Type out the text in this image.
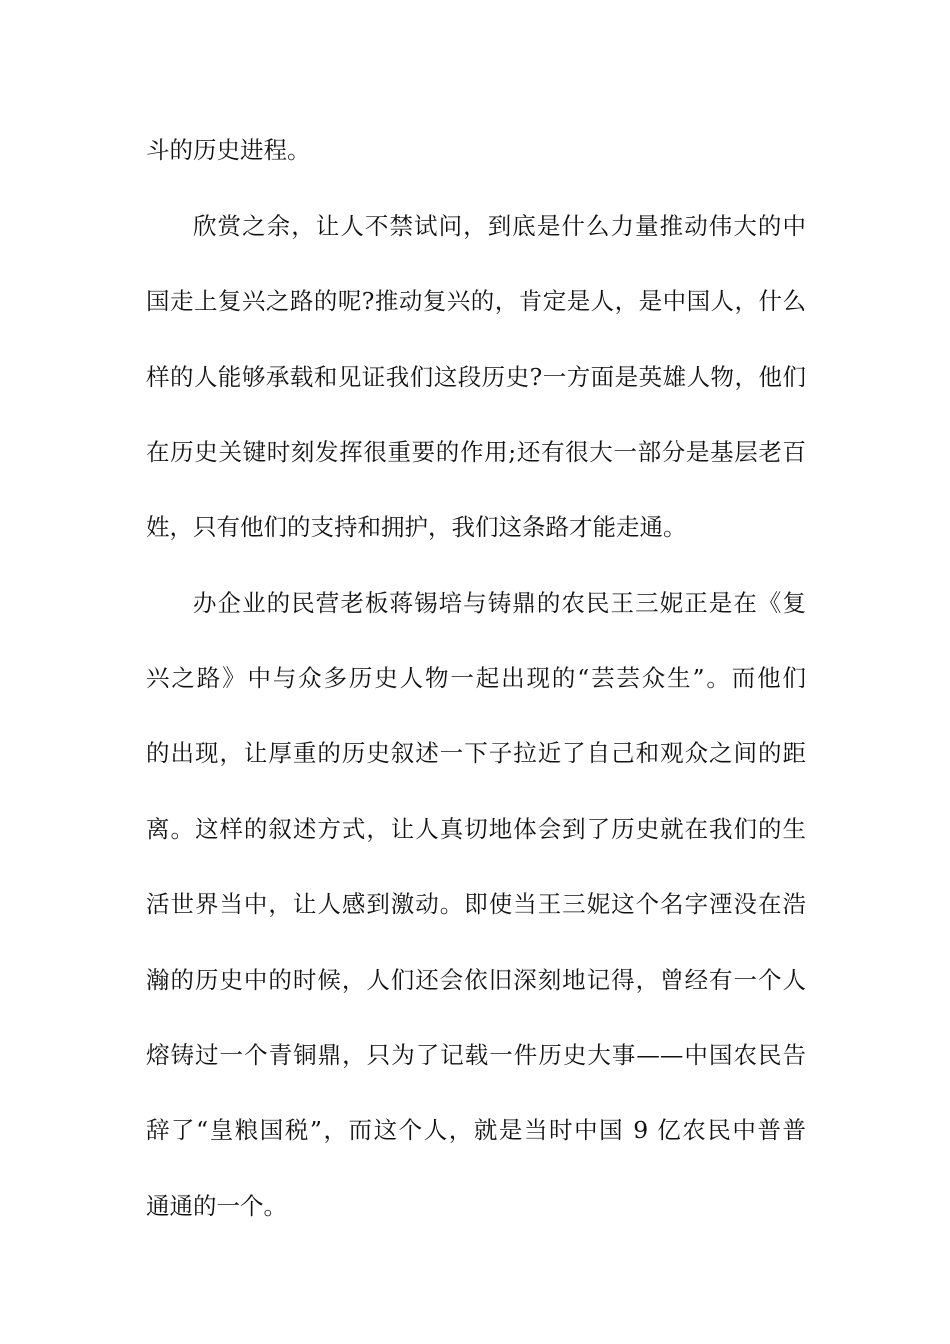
斗的历史进程。
欣赏之余，让人不禁试问，到底是什么力量推动伟大的中
国走上复兴之路的呢?推动复兴的，肯定是人，是中国人，什么
样的人能够承载和见证我们这段历史?一方面是英雄人物，他们
在历史关键时刻发挥很重要的作用;还有很大一部分是基层老百
姓，只有他们的支持和拥护，我们这条路才能走通。
办企业的民营老板蒋锡培与铸鼎的农民王三妮正是在《复
兴之路》中与众多历史人物一起出现的“芸芸众生”。而他们
的出现，让厚重的历史叙述一下子拉近了自己和观众之间的距
离。这样的叙述方式，让人真切地体会到了历史就在我们的生
活世界当中，让人感到激动。即使当王三妮这个名字湮没在浩
瀚的历史中的时候，人们还会依旧深刻地记得，曾经有一个人
熔铸过一个青铜鼎，只为了记载一件历史大事——中国农民告
辞了“皇粮国税”，而这个人，就是当时中国 9 亿农民中普普
通通的一个。
